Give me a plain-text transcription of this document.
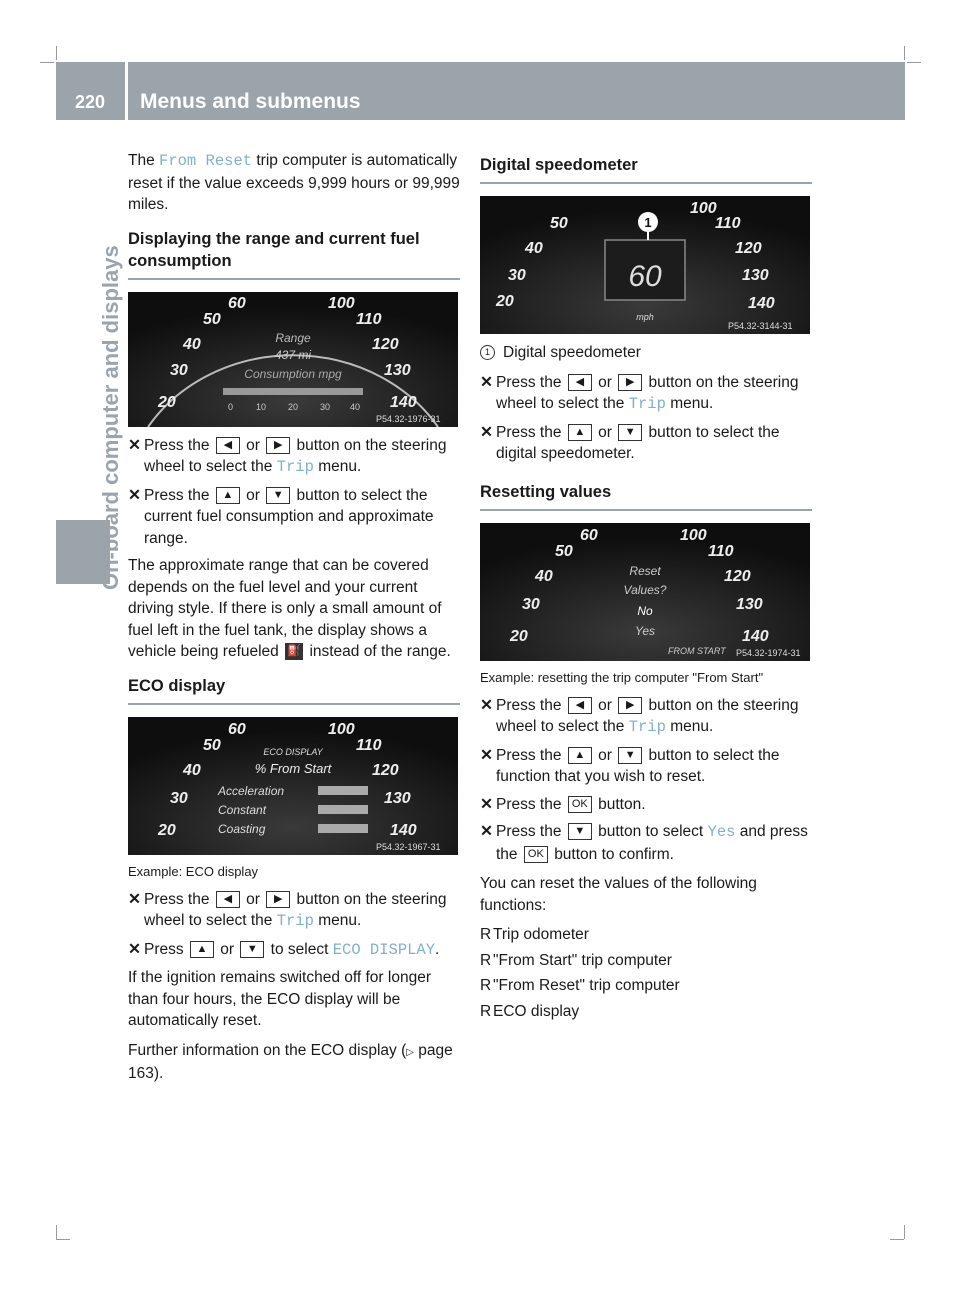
220	Menus and submenus
On-board computer and displays

The From Reset trip computer is automatically reset if the value exceeds 9,999 hours or 99,999 miles.

Displaying the range and current fuel consumption
20
30
40
50
60	100
110
120
130
140
Range
437 mi
Consumption mpg
0	10 20 30 40
P54.32-1976-31
✕ Press the ◀ or ▶ button on the steering wheel to select the Trip menu.
✕ Press the ▲ or ▼ button to select the current fuel consumption and approximate range.

The approximate range that can be covered depends on the fuel level and your current driving style. If there is only a small amount of fuel left in the fuel tank, the display shows a vehicle being refueled ⛽ instead of the range.

ECO display
20
30
40
50
60	100
110
120
130
140
ECO DISPLAY
% From Start
Acceleration
Constant
Coasting
P54.32-1967-31
Example: ECO display
✕ Press the ◀ or ▶ button on the steering wheel to select the Trip menu.
✕ Press ▲ or ▼ to select ECO DISPLAY.

If the ignition remains switched off for longer than four hours, the ECO display will be automatically reset.

Further information on the ECO display (▷ page 163).

Digital speedometer
20
30
40
50
100
110
120
130
140
1
60
mph
P54.32-3144-31

1 Digital speedometer

✕ Press the ◀ or ▶ button on the steering wheel to select the Trip menu.
✕ Press the ▲ or ▼ button to select the digital speedometer.
Resetting values
20
30
40
50
60	100
110
120
130
140
Reset
Values?
No
Yes
FROM START P54.32-1974-31
Example: resetting the trip computer "From Start"
✕ Press the ◀ or ▶ button on the steering wheel to select the Trip menu.
✕ Press the ▲ or ▼ button to select the function that you wish to reset.
✕ Press the OK button.
✕ Press the ▼ button to select Yes and press the OK button to confirm.

You can reset the values of the following functions:

R Trip odometer
R "From Start" trip computer
R "From Reset" trip computer
R ECO display
